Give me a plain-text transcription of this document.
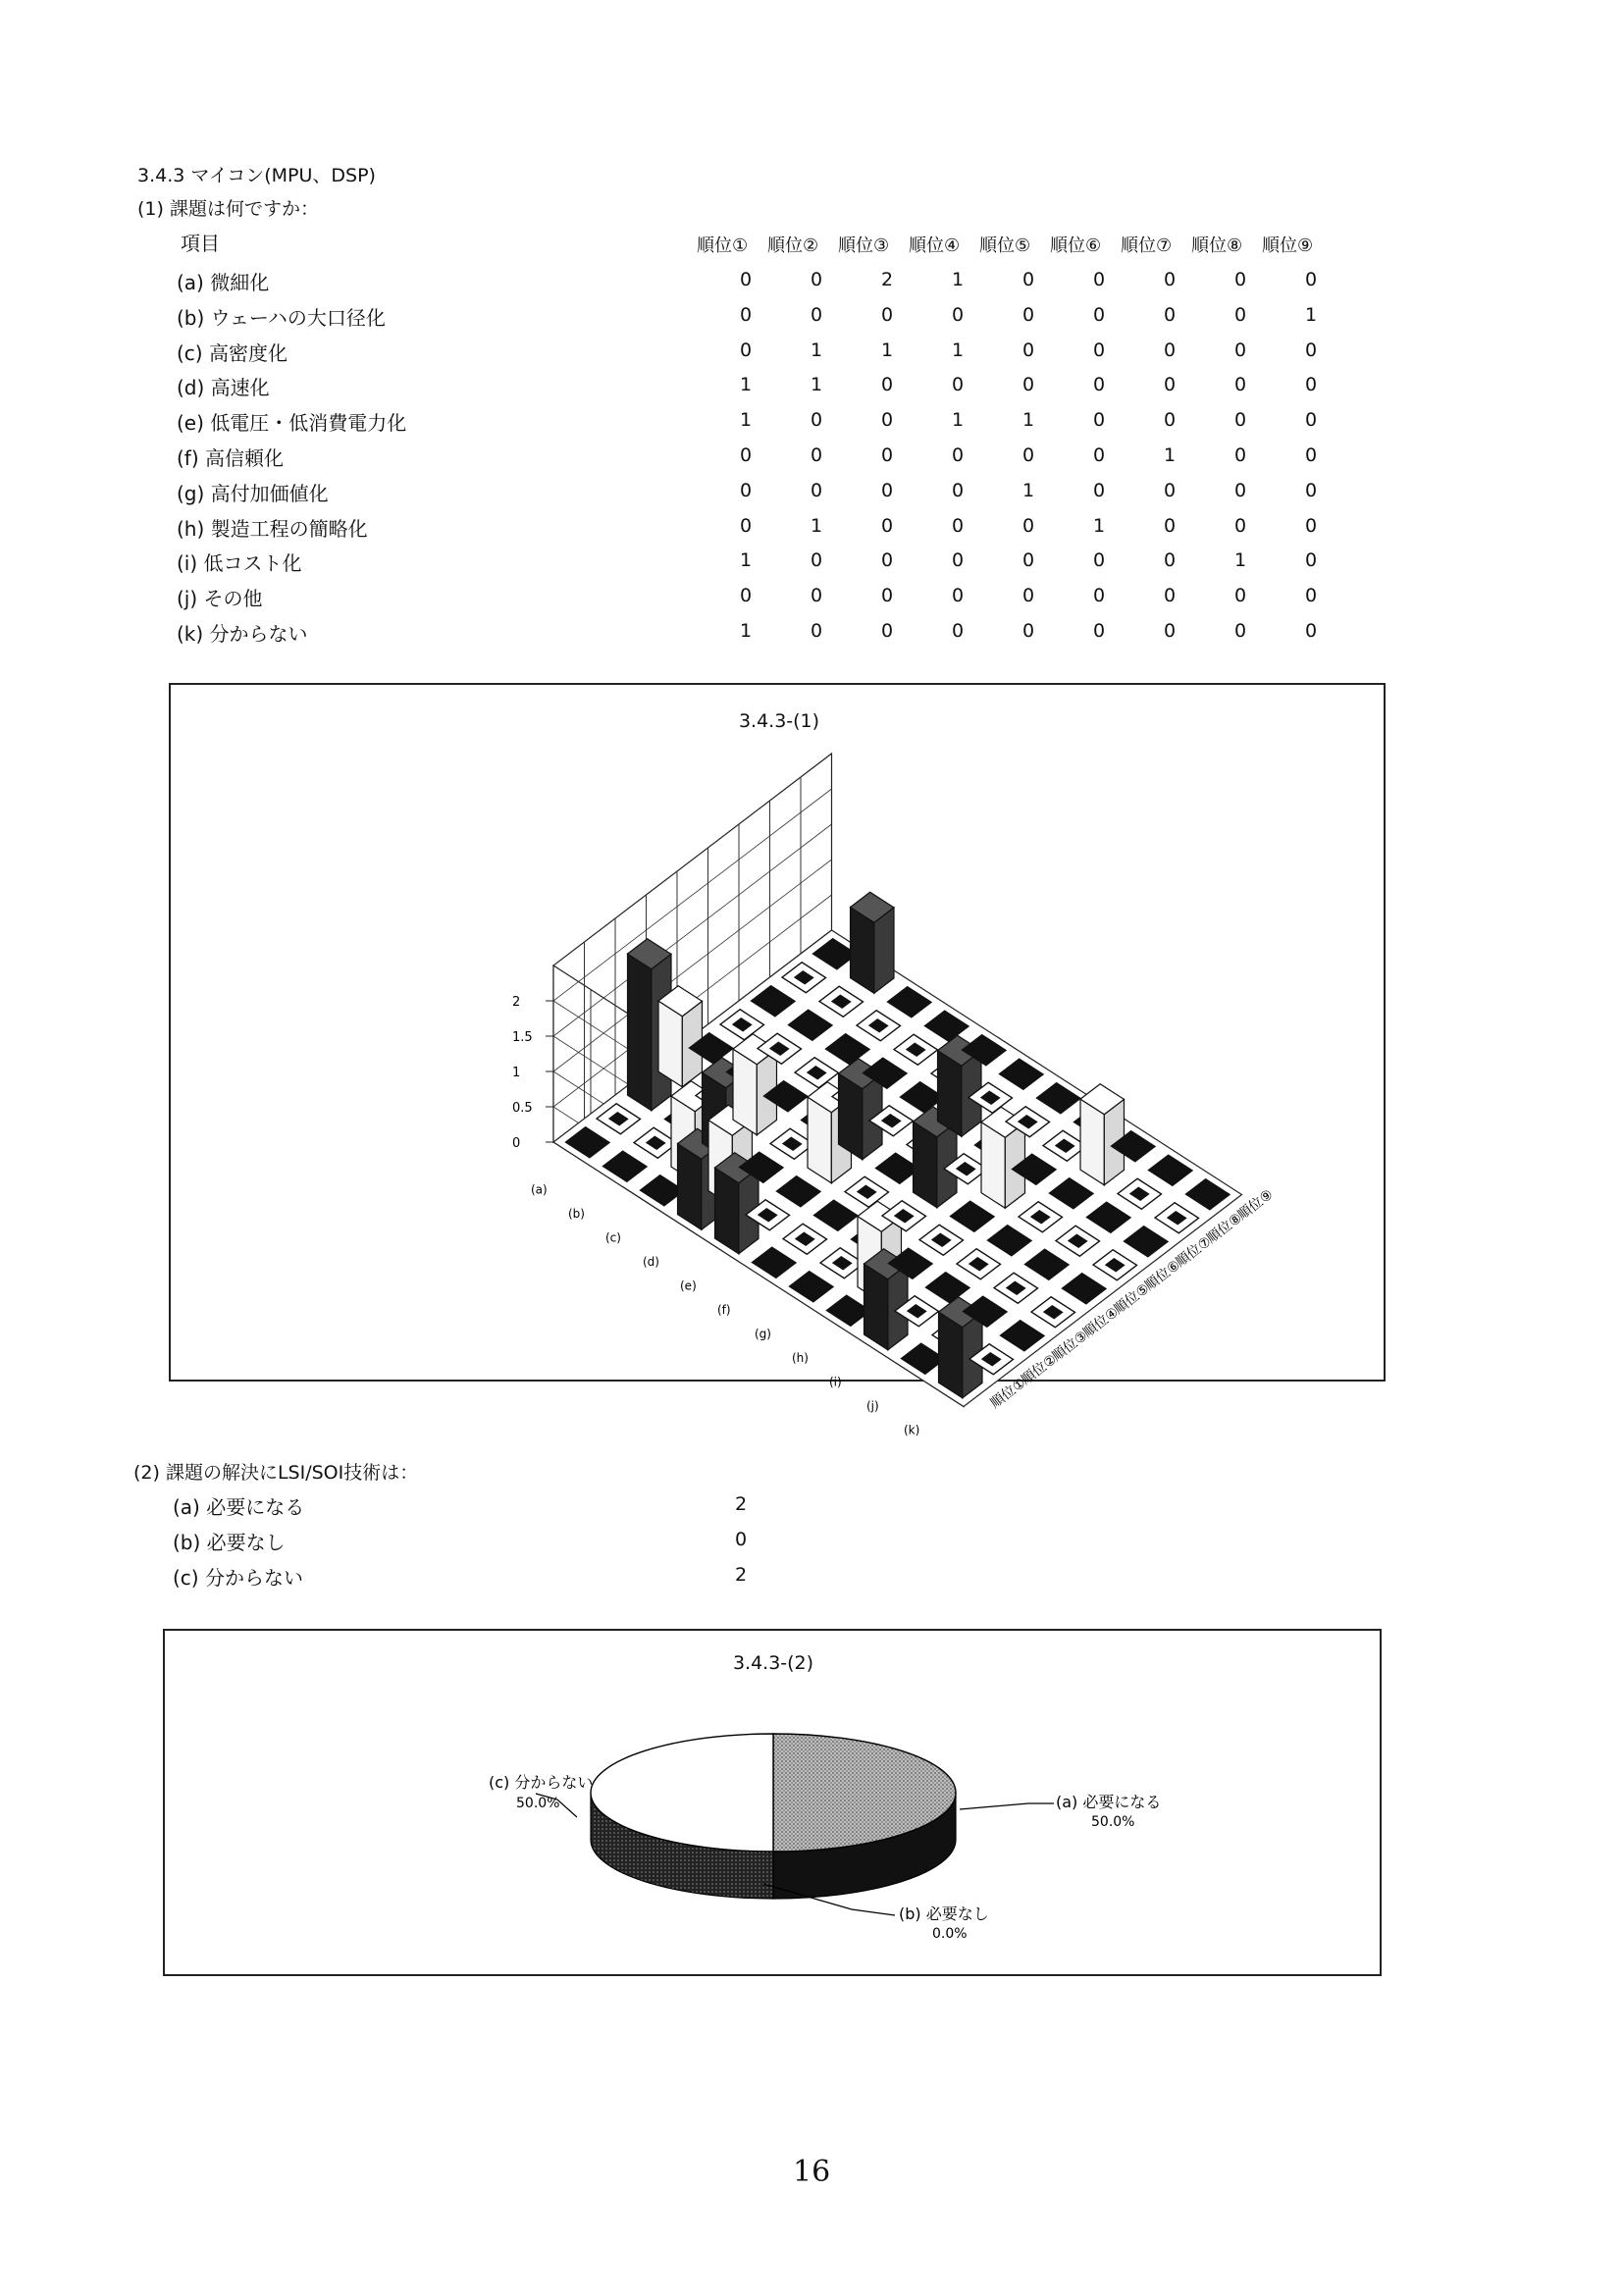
3.4.3 マイコン(MPU、DSP)
(1) 課題は何ですか：
項目	順位① 順位② 順位③ 順位④ 順位⑤ 順位⑥ 順位⑦ 順位⑧ 順位⑨
(a) 微細化	0	0	2	1	0	0	0	0	0
(b) ウェーハの大口径化	0	0	0	0	0	0	0	0	1
(c) 高密度化	0	1	1	1	0	0	0	0	0
(d) 高速化	1	1	0	0	0	0	0	0	0
(e) 低電圧・低消費電力化	1	0	0	1	1	0	0	0	0
(f) 高信頼化	0	0	0	0	0	0	1	0	0
(g) 高付加価値化	0	0	0	0	1	0	0	0	0
(h) 製造工程の簡略化	0	1	0	0	0	1	0	0	0
(i) 低コスト化	1	0	0	0	0	0	0	1	0
(j) その他	0	0	0	0	0	0	0	0	0
(k) 分からない	1	0	0	0	0	0	0	0	0
3.4.3-(1)
0
0.5
1
1.5
2
(a)
(b)
(c)
(d)
(e)
(f)
(g)
(h)
(i)
(j)
(k)
順位①
順位②
順位③
順位④
順位⑤
順位⑥
順位⑦
順位⑧
順位⑨
(2) 課題の解決にLSI/SOI技術は：
(a) 必要になる	2
(b) 必要なし	0
(c) 分からない	2
3.4.3-(2)
(c) 分からない
50.0%	(a) 必要になる
50.0%
(b) 必要なし
0.0%
16
